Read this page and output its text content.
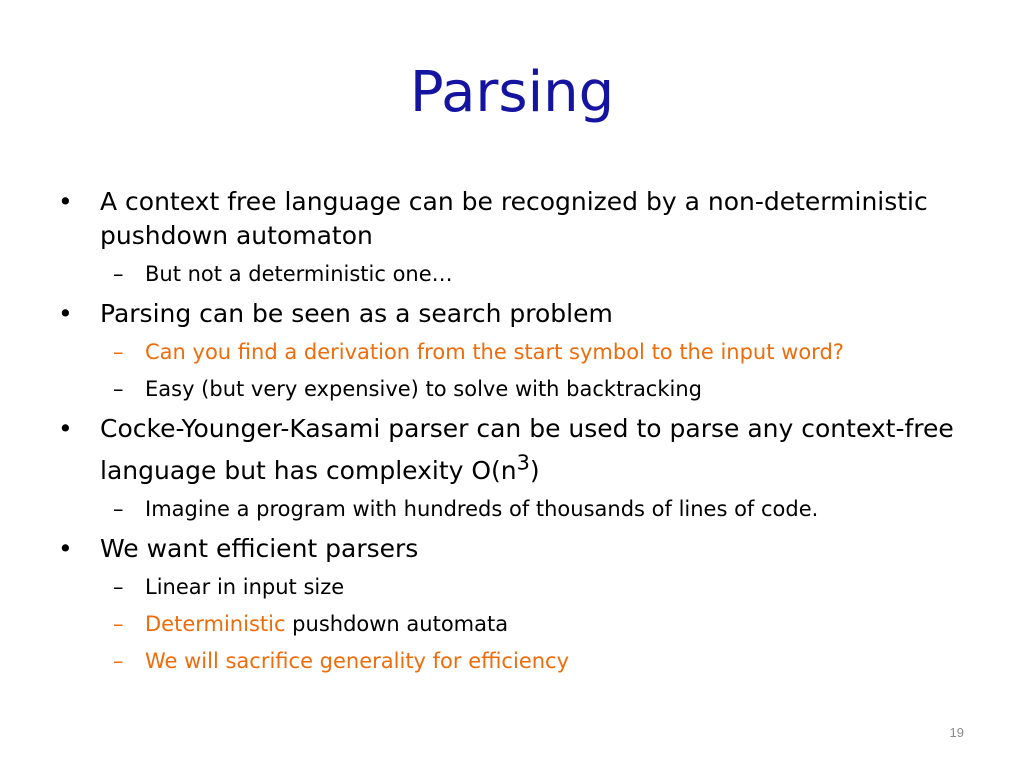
Parsing
• A context free language can be recognized by a non-deterministic pushdown automaton
– But not a deterministic one…
• Parsing can be seen as a search problem
– Can you find a derivation from the start symbol to the input word?
– Easy (but very expensive) to solve with backtracking
• Cocke-Younger-Kasami parser can be used to parse any context-free language but has complexity $O(n^3)$
– Imagine a program with hundreds of thousands of lines of code.
• We want efficient parsers
– Linear in input size
– Deterministic pushdown automata
– We will sacrifice generality for efficiency
19
